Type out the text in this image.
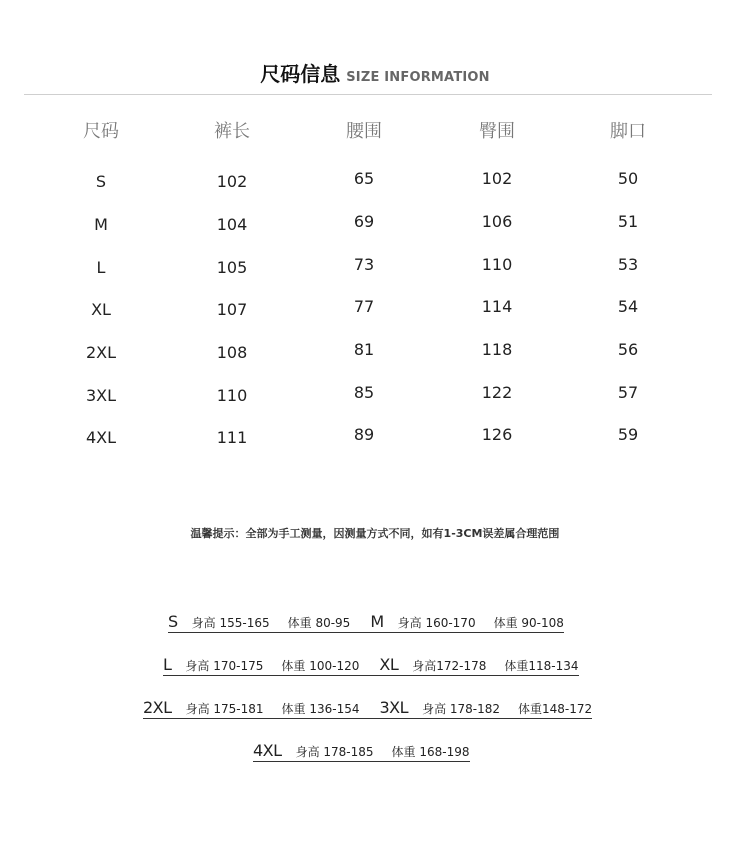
尺码信息 SIZE INFORMATION
尺码	裤长	腰围	臀围	脚口
S	102	65	102	50
M	104	69	106	51
L	105	73	110	53
XL	107	77	114	54
2XL	108	81	118	56
3XL	110	85	122	57
4XL	111	89	126	59
温馨提示：全部为手工测量，因测量方式不同，如有1-3CM误差属合理范围
S 身高 155-165 体重 80-95 M 身高 160-170 体重 90-108
L 身高 170-175 体重 100-120 XL 身高172-178 体重118-134
2XL 身高 175-181 体重 136-154 3XL 身高 178-182 体重148-172
4XL 身高 178-185 体重 168-198
